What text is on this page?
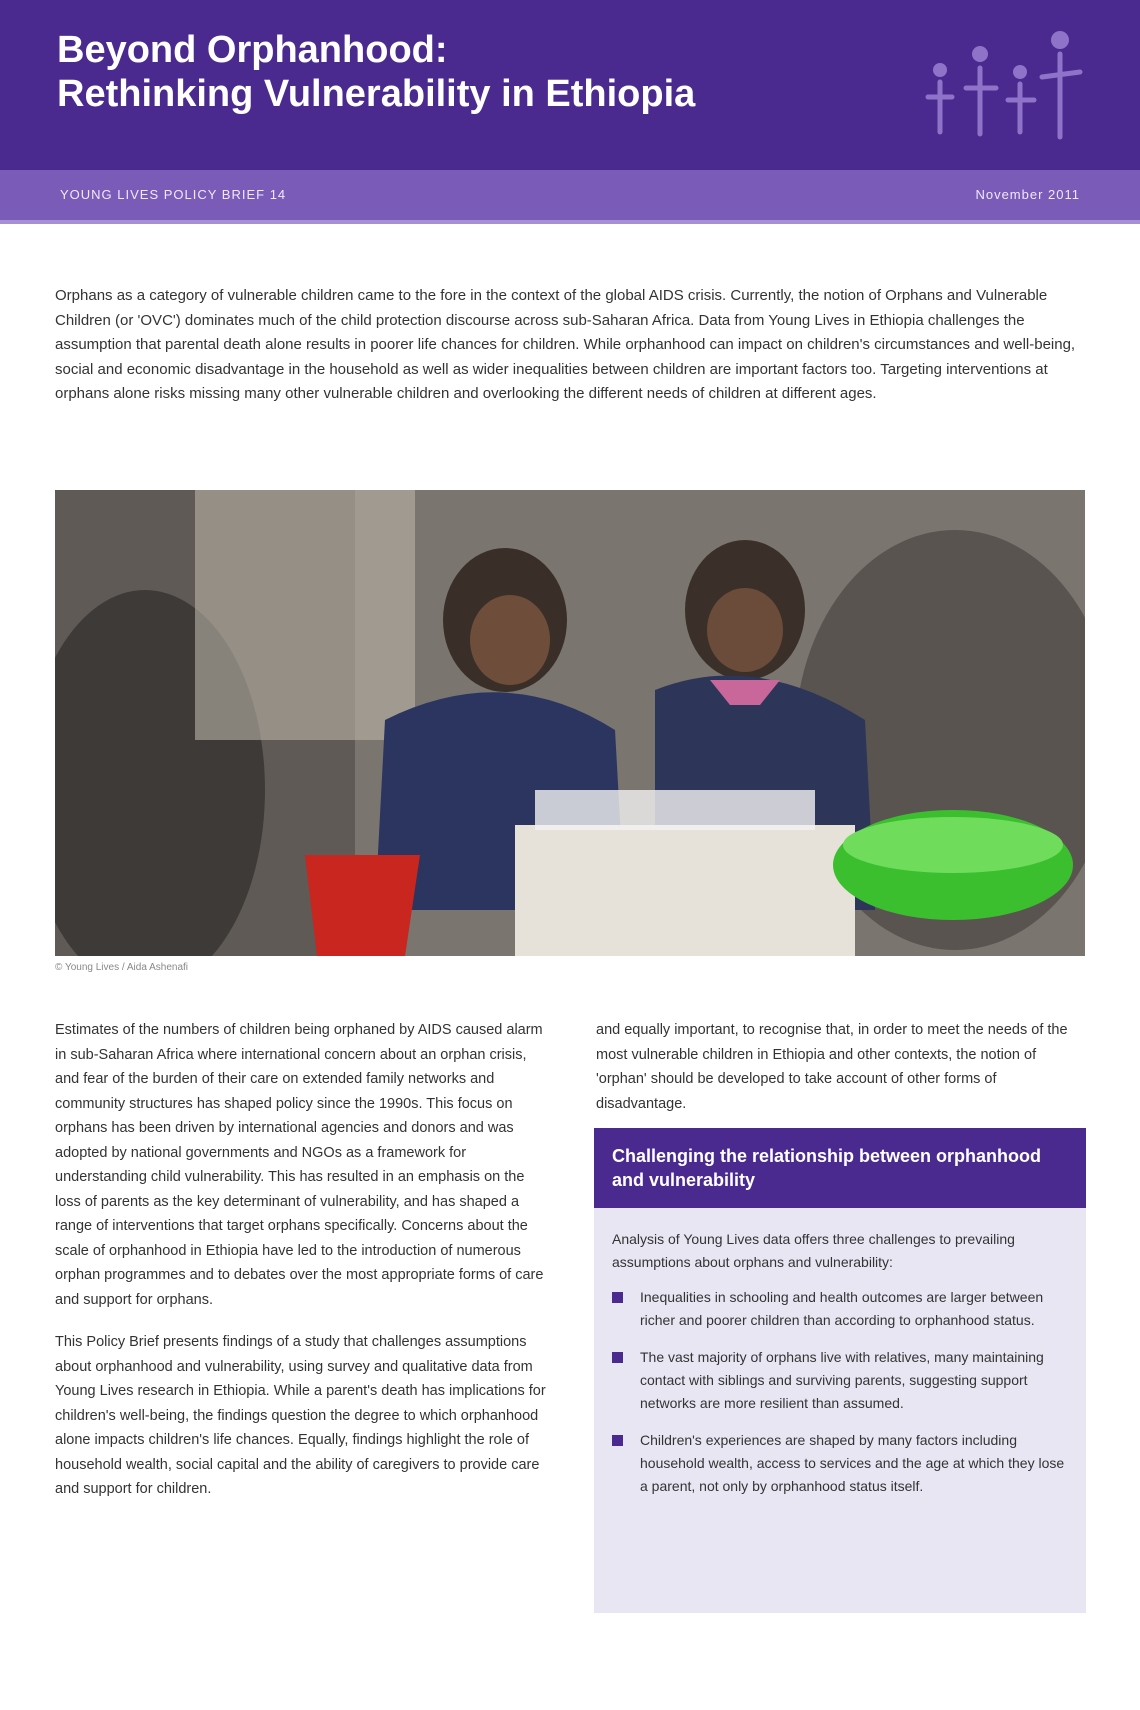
Beyond Orphanhood:
Rethinking Vulnerability in Ethiopia
YOUNG LIVES POLICY BRIEF 14	November 2011

Orphans as a category of vulnerable children came to the fore in the context of the global AIDS crisis. Currently, the notion of Orphans and Vulnerable Children (or 'OVC') dominates much of the child protection discourse across sub-Saharan Africa. Data from Young Lives in Ethiopia challenges the assumption that parental death alone results in poorer life chances for children. While orphanhood can impact on children's circumstances and well-being, social and economic disadvantage in the household as well as wider inequalities between children are important factors too. Targeting interventions at orphans alone risks missing many other vulnerable children and overlooking the different needs of children at different ages.

© Young Lives / Aida Ashenafi

Estimates of the numbers of children being orphaned by AIDS caused alarm in sub-Saharan Africa where international concern about an orphan crisis, and fear of the burden of their care on extended family networks and community structures has shaped policy since the 1990s. This focus on orphans has been driven by international agencies and donors and was adopted by national governments and NGOs as a framework for understanding child vulnerability. This has resulted in an emphasis on the loss of parents as the key determinant of vulnerability, and has shaped a range of interventions that target orphans specifically. Concerns about the scale of orphanhood in Ethiopia have led to the introduction of numerous orphan programmes and to debates over the most appropriate forms of care and support for orphans.

This Policy Brief presents findings of a study that challenges assumptions about orphanhood and vulnerability, using survey and qualitative data from Young Lives research in Ethiopia. While a parent's death has implications for children's well-being, the findings question the degree to which orphanhood alone impacts children's life chances. Equally, findings highlight the role of household wealth, social capital and the ability of caregivers to provide care and support for children.

and equally important, to recognise that, in order to meet the needs of the most vulnerable children in Ethiopia and other contexts, the notion of 'orphan' should be developed to take account of other forms of disadvantage.

Challenging the relationship between orphanhood and vulnerability

Analysis of Young Lives data offers three challenges to prevailing assumptions about orphans and vulnerability:

Inequalities in schooling and health outcomes are larger between richer and poorer children than according to orphanhood status.
The vast majority of orphans live with relatives, many maintaining contact with siblings and surviving parents, suggesting support networks are more resilient than assumed.
Children's experiences are shaped by many factors including household wealth, access to services and the age at which they lose a parent, not only by orphanhood status itself.
